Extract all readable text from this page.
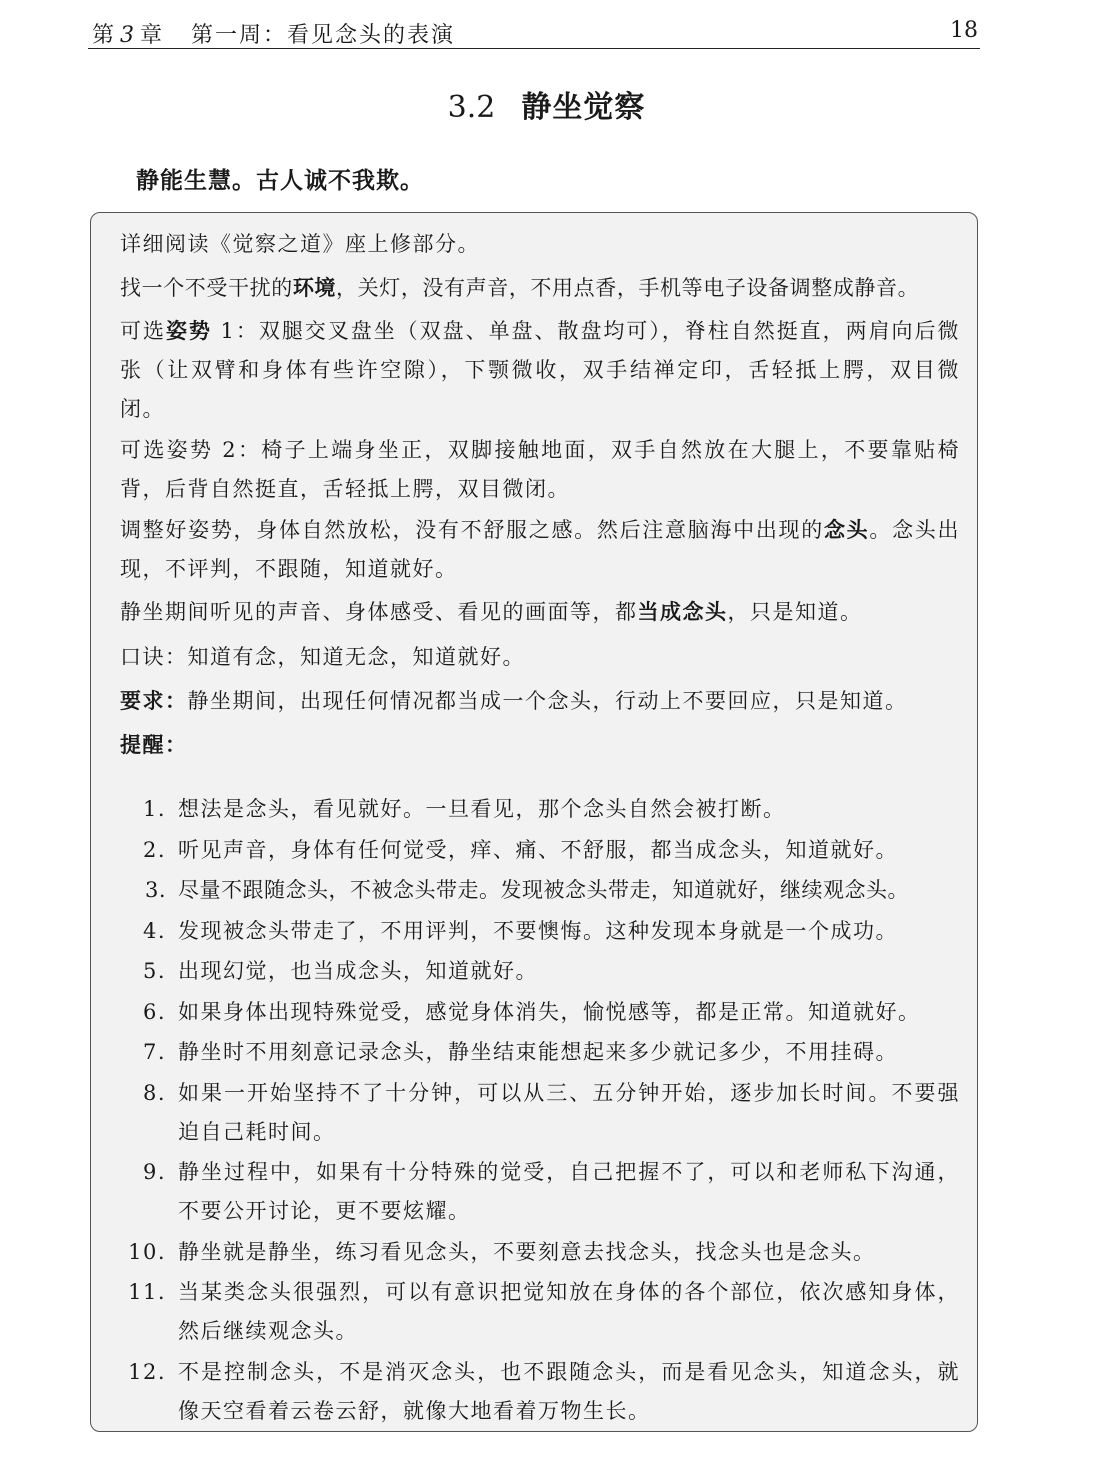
第 3 章 第一周：看见念头的表演	18
3.2 静坐觉察
静能生慧。古人诚不我欺。
详细阅读《觉察之道》座上修部分。
找一个不受干扰的环境，关灯，没有声音，不用点香，手机等电子设备调整成静音。
可选姿势 1：双腿交叉盘坐（双盘、单盘、散盘均可），脊柱自然挺直，两肩向后微张（让双臂和身体有些许空隙），下颚微收，双手结禅定印，舌轻抵上腭，双目微闭。
可选姿势 2：椅子上端身坐正，双脚接触地面，双手自然放在大腿上，不要靠贴椅背，后背自然挺直，舌轻抵上腭，双目微闭。
调整好姿势，身体自然放松，没有不舒服之感。然后注意脑海中出现的念头。念头出现，不评判，不跟随，知道就好。
静坐期间听见的声音、身体感受、看见的画面等，都当成念头，只是知道。
口诀：知道有念，知道无念，知道就好。
要求：静坐期间，出现任何情况都当成一个念头，行动上不要回应，只是知道。
提醒：
1. 想法是念头，看见就好。一旦看见，那个念头自然会被打断。
2. 听见声音，身体有任何觉受，痒、痛、不舒服，都当成念头，知道就好。
3. 尽量不跟随念头，不被念头带走。发现被念头带走，知道就好，继续观念头。
4. 发现被念头带走了，不用评判，不要懊悔。这种发现本身就是一个成功。
5. 出现幻觉，也当成念头，知道就好。
6. 如果身体出现特殊觉受，感觉身体消失，愉悦感等，都是正常。知道就好。
7. 静坐时不用刻意记录念头，静坐结束能想起来多少就记多少，不用挂碍。
8. 如果一开始坚持不了十分钟，可以从三、五分钟开始，逐步加长时间。不要强迫自己耗时间。
9. 静坐过程中，如果有十分特殊的觉受，自己把握不了，可以和老师私下沟通，不要公开讨论，更不要炫耀。
10. 静坐就是静坐，练习看见念头，不要刻意去找念头，找念头也是念头。
11. 当某类念头很强烈，可以有意识把觉知放在身体的各个部位，依次感知身体，然后继续观念头。
12. 不是控制念头，不是消灭念头，也不跟随念头，而是看见念头，知道念头，就像天空看着云卷云舒，就像大地看着万物生长。
